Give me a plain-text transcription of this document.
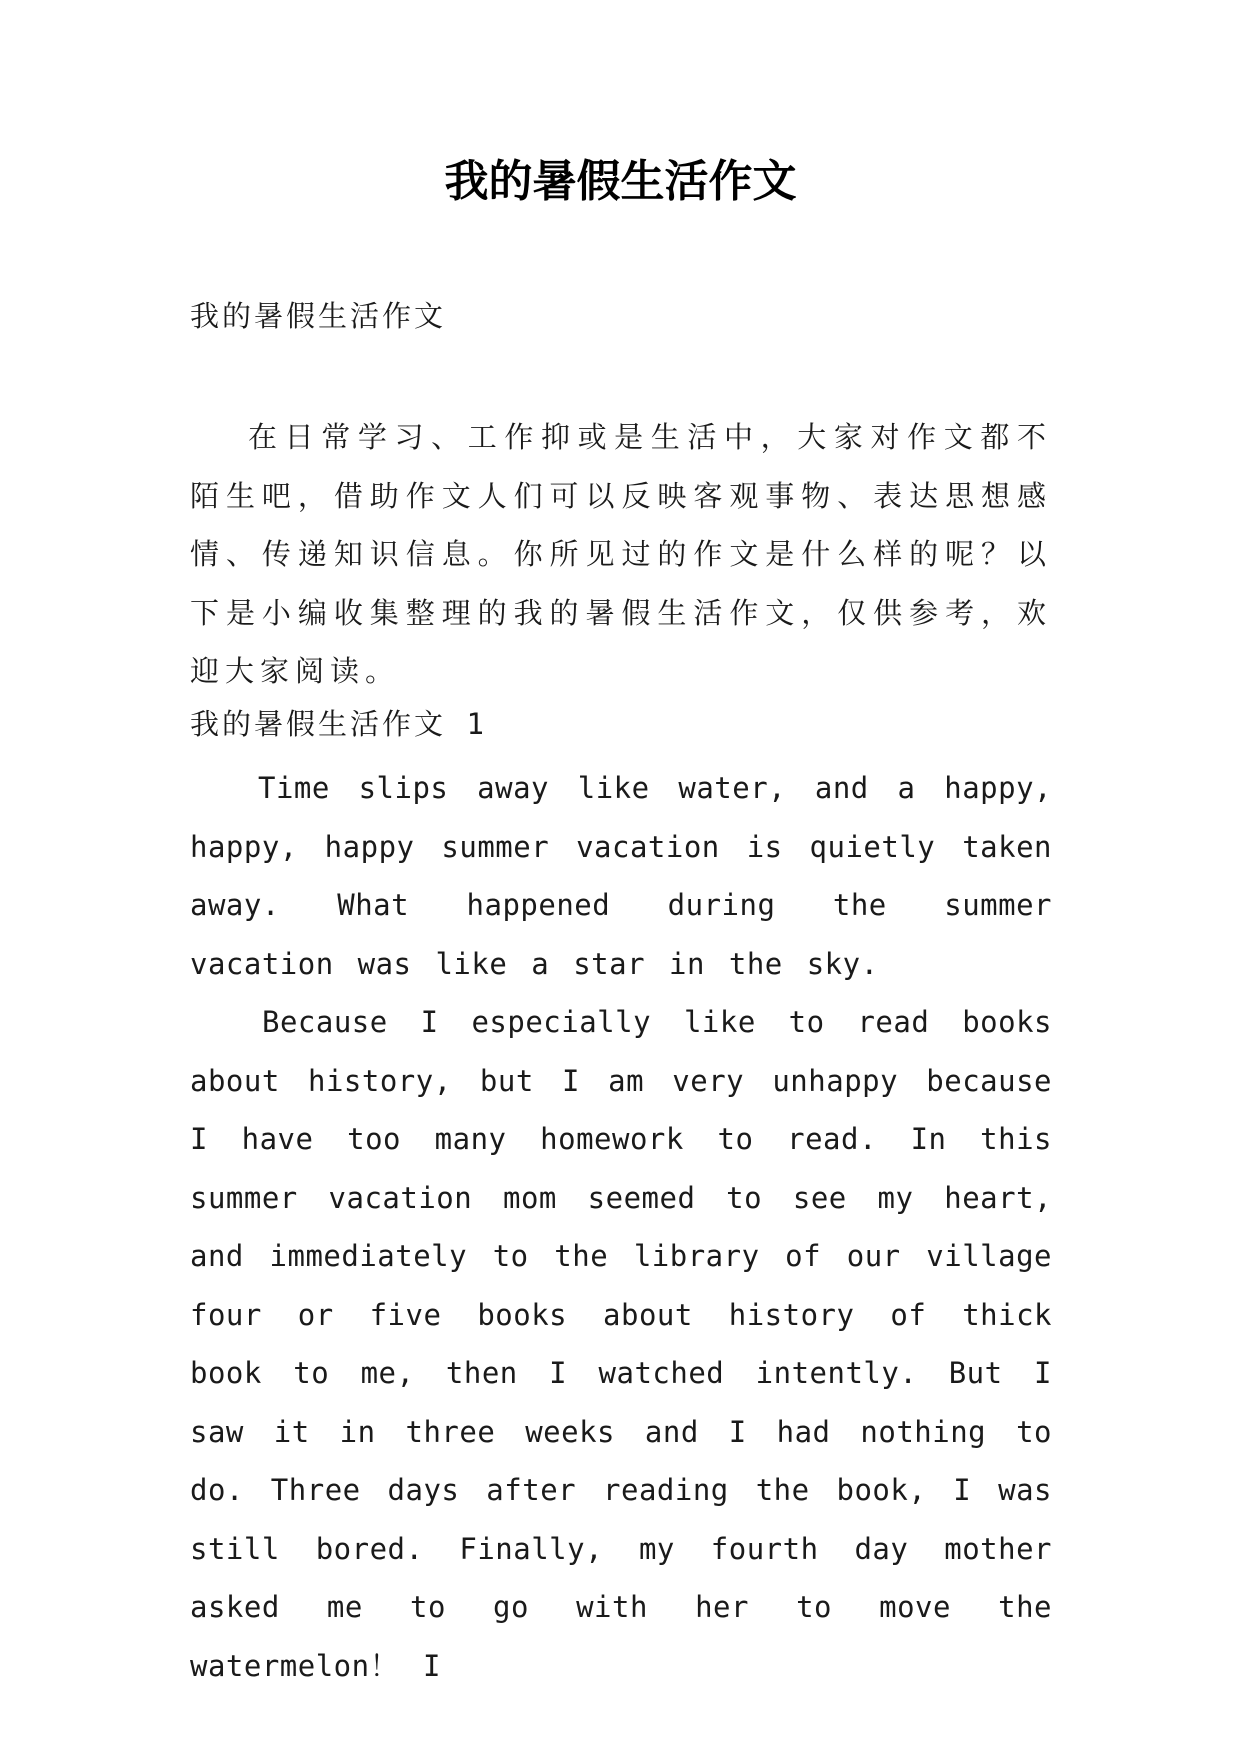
我的暑假生活作文

我的暑假生活作文

在日常学习、工作抑或是生活中，大家对作文都不陌生吧，借助作文人们可以反映客观事物、表达思想感情、传递知识信息。你所见过的作文是什么样的呢？以下是小编收集整理的我的暑假生活作文，仅供参考，欢迎大家阅读。

我的暑假生活作文 1

Time slips away like water, and a happy, happy, happy summer vacation is quietly taken away. What happened during the summer vacation was like a star in the sky.

Because I especially like to read books about history, but I am very unhappy because I have too many homework to read. In this summer vacation mom seemed to see my heart, and immediately to the library of our village four or five books about history of thick book to me, then I watched intently. But I saw it in three weeks and I had nothing to do. Three days after reading the book, I was still bored. Finally, my fourth day mother asked me to go with her to move the watermelon！ I
